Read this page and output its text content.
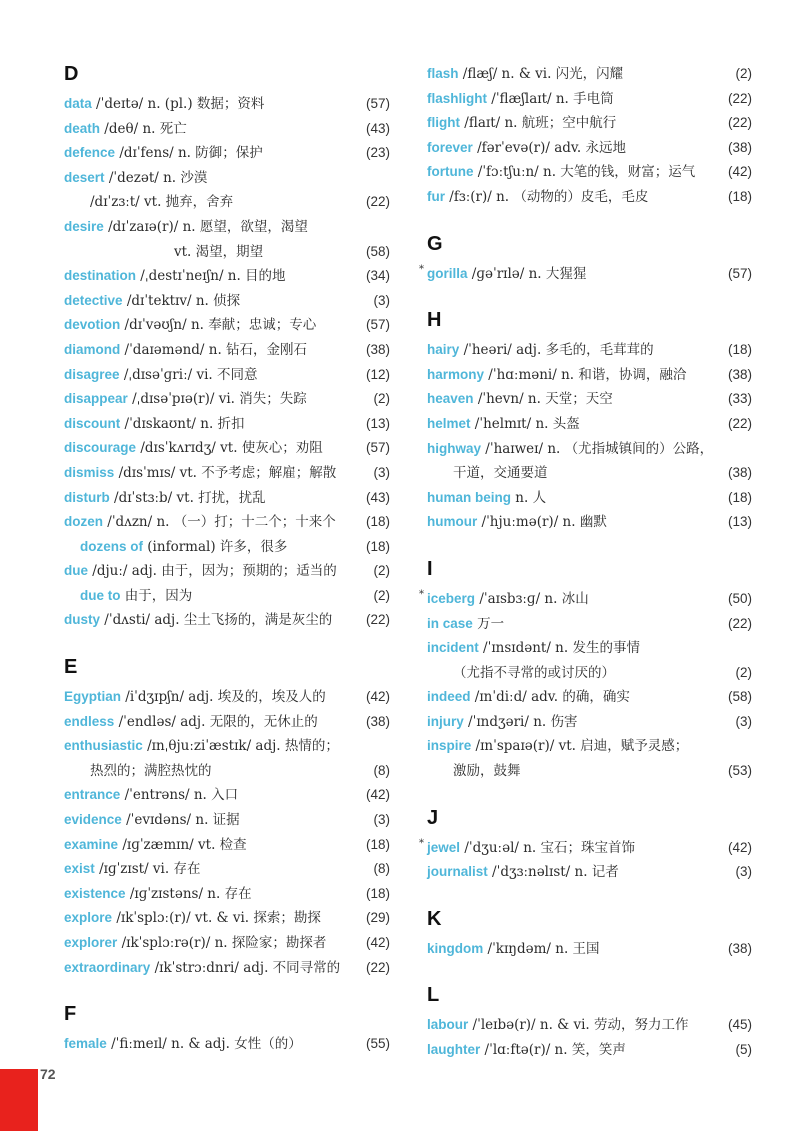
D
data /ˈdeɪtə/ n. (pl.) 数据；资料	(57)
death /deθ/ n. 死亡	(43)
defence /dɪˈfens/ n. 防御；保护	(23)
desert /ˈdezət/ n. 沙漠
/dɪˈzɜːt/ vt. 抛弃，舍弃	(22)
desire /dɪˈzaɪə(r)/ n. 愿望，欲望，渴望
vt. 渴望，期望	(58)
destination /ˌdestɪˈneɪʃn/ n. 目的地	(34)
detective /dɪˈtektɪv/ n. 侦探	(3)
devotion /dɪˈvəʊʃn/ n. 奉献；忠诚；专心	(57)
diamond /ˈdaɪəmənd/ n. 钻石，金刚石	(38)
disagree /ˌdɪsəˈɡriː/ vi. 不同意	(12)
disappear /ˌdɪsəˈpɪə(r)/ vi. 消失；失踪	(2)
discount /ˈdɪskaʊnt/ n. 折扣	(13)
discourage /dɪsˈkʌrɪdʒ/ vt. 使灰心；劝阻	(57)
dismiss /dɪsˈmɪs/ vt. 不予考虑；解雇；解散	(3)
disturb /dɪˈstɜːb/ vt. 打扰，扰乱	(43)
dozen /ˈdʌzn/ n. （一）打；十二个；十来个 (18)
dozens of (informal) 许多，很多	(18)
due /djuː/ adj. 由于，因为；预期的；适当的	(2)
due to 由于，因为	(2)
dusty /ˈdʌsti/ adj. 尘土飞扬的，满是灰尘的 (22)
E
Egyptian /iˈdʒɪpʃn/ adj. 埃及的，埃及人的	(42)
endless /ˈendləs/ adj. 无限的，无休止的	(38)
enthusiastic /ɪnˌθjuːziˈæstɪk/ adj. 热情的；
热烈的；满腔热忱的	(8)
entrance /ˈentrəns/ n. 入口	(42)
evidence /ˈevɪdəns/ n. 证据	(3)
examine /ɪɡˈzæmɪn/ vt. 检查	(18)
exist /ɪɡˈzɪst/ vi. 存在	(8)
existence /ɪɡˈzɪstəns/ n. 存在	(18)
explore /ɪkˈsplɔː(r)/ vt. & vi. 探索；勘探	(29)
explorer /ɪkˈsplɔːrə(r)/ n. 探险家；勘探者	(42)
extraordinary /ɪkˈstrɔːdnri/ adj. 不同寻常的 (22)
F
female /ˈfiːmeɪl/ n. & adj. 女性（的）	(55)
flash /flæʃ/ n. & vi. 闪光，闪耀	(2)
flashlight /ˈflæʃlaɪt/ n. 手电筒	(22)
flight /flaɪt/ n. 航班；空中航行	(22)
forever /fərˈevə(r)/ adv. 永远地	(38)
fortune /ˈfɔːtʃuːn/ n. 大笔的钱，财富；运气 (42)
fur /fɜː(r)/ n. （动物的）皮毛，毛皮	(18)
G
* gorilla /ɡəˈrɪlə/ n. 大猩猩	(57)
H
hairy /ˈheəri/ adj. 多毛的，毛茸茸的	(18)
harmony /ˈhɑːməni/ n. 和谐，协调，融洽	(38)
heaven /ˈhevn/ n. 天堂；天空	(33)
helmet /ˈhelmɪt/ n. 头盔	(22)
highway /ˈhaɪweɪ/ n. （尤指城镇间的）公路，
干道，交通要道	(38)
human being n. 人	(18)
humour /ˈhjuːmə(r)/ n. 幽默	(13)
I
* iceberg /ˈaɪsbɜːɡ/ n. 冰山	(50)
in case 万一	(22)
incident /ˈɪnsɪdənt/ n. 发生的事情
（尤指不寻常的或讨厌的）	(2)
indeed /ɪnˈdiːd/ adv. 的确，确实	(58)
injury /ˈɪndʒəri/ n. 伤害	(3)
inspire /ɪnˈspaɪə(r)/ vt. 启迪，赋予灵感；
激励，鼓舞	(53)
J
* jewel /ˈdʒuːəl/ n. 宝石；珠宝首饰	(42)
journalist /ˈdʒɜːnəlɪst/ n. 记者	(3)
K
kingdom /ˈkɪŋdəm/ n. 王国	(38)
L
labour /ˈleɪbə(r)/ n. & vi. 劳动，努力工作	(45)
laughter /ˈlɑːftə(r)/ n. 笑，笑声	(5)
72
